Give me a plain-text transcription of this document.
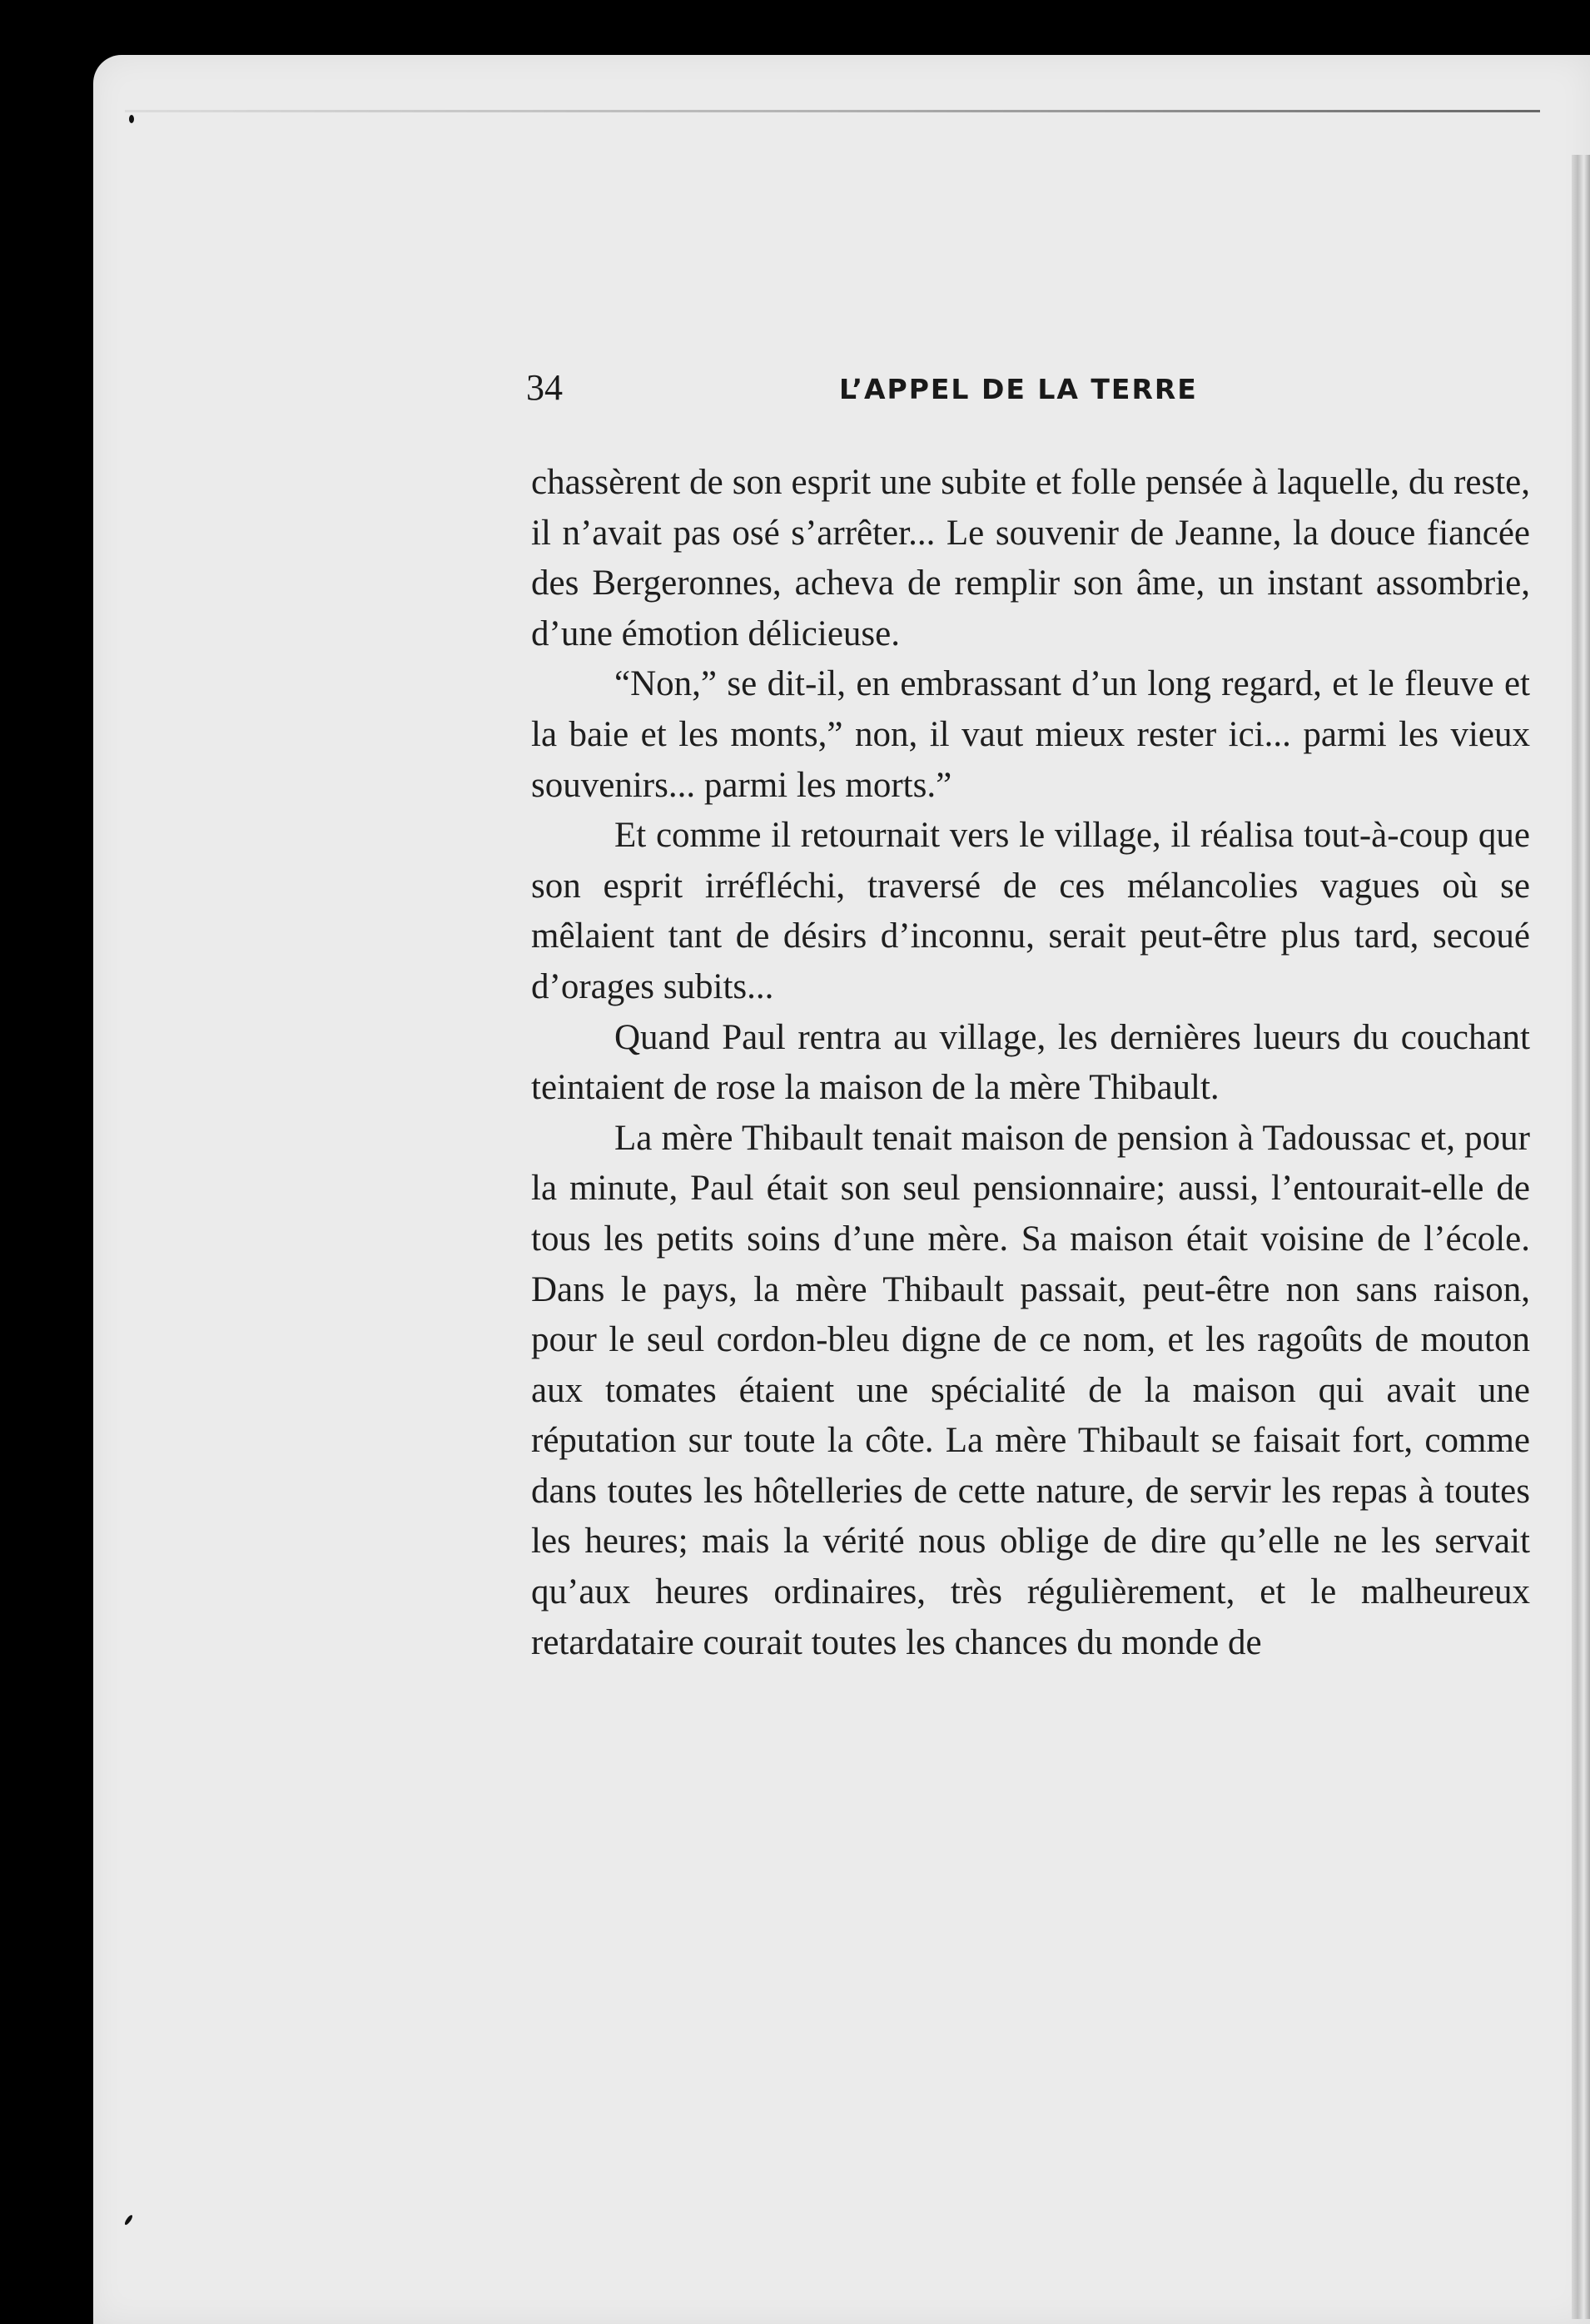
34	L’APPEL DE LA TERRE

chassèrent de son esprit une subite et folle pensée à laquelle, du reste, il n’avait pas osé s’arrêter... Le souvenir de Jeanne, la douce fiancée des Bergeronnes, acheva de remplir son âme, un instant assombrie, d’une émotion délicieuse.

“Non,” se dit-il, en embrassant d’un long regard, et le fleuve et la baie et les monts,” non, il vaut mieux rester ici... parmi les vieux souvenirs... parmi les morts.”

Et comme il retournait vers le village, il réalisa tout-à-coup que son esprit irréfléchi, traversé de ces mélancolies vagues où se mêlaient tant de désirs d’inconnu, serait peut-être plus tard, secoué d’orages subits...

Quand Paul rentra au village, les dernières lueurs du couchant teintaient de rose la maison de la mère Thibault.

La mère Thibault tenait maison de pension à Tadoussac et, pour la minute, Paul était son seul pensionnaire; aussi, l’entourait-elle de tous les petits soins d’une mère. Sa maison était voisine de l’école. Dans le pays, la mère Thibault passait, peut-être non sans raison, pour le seul cordon-bleu digne de ce nom, et les ragoûts de mouton aux tomates étaient une spécialité de la maison qui avait une réputation sur toute la côte. La mère Thibault se faisait fort, comme dans toutes les hôtelleries de cette nature, de servir les repas à toutes les heures; mais la vérité nous oblige de dire qu’elle ne les servait qu’aux heures ordinaires, très régulièrement, et le malheureux retardataire courait toutes les chances du monde de
